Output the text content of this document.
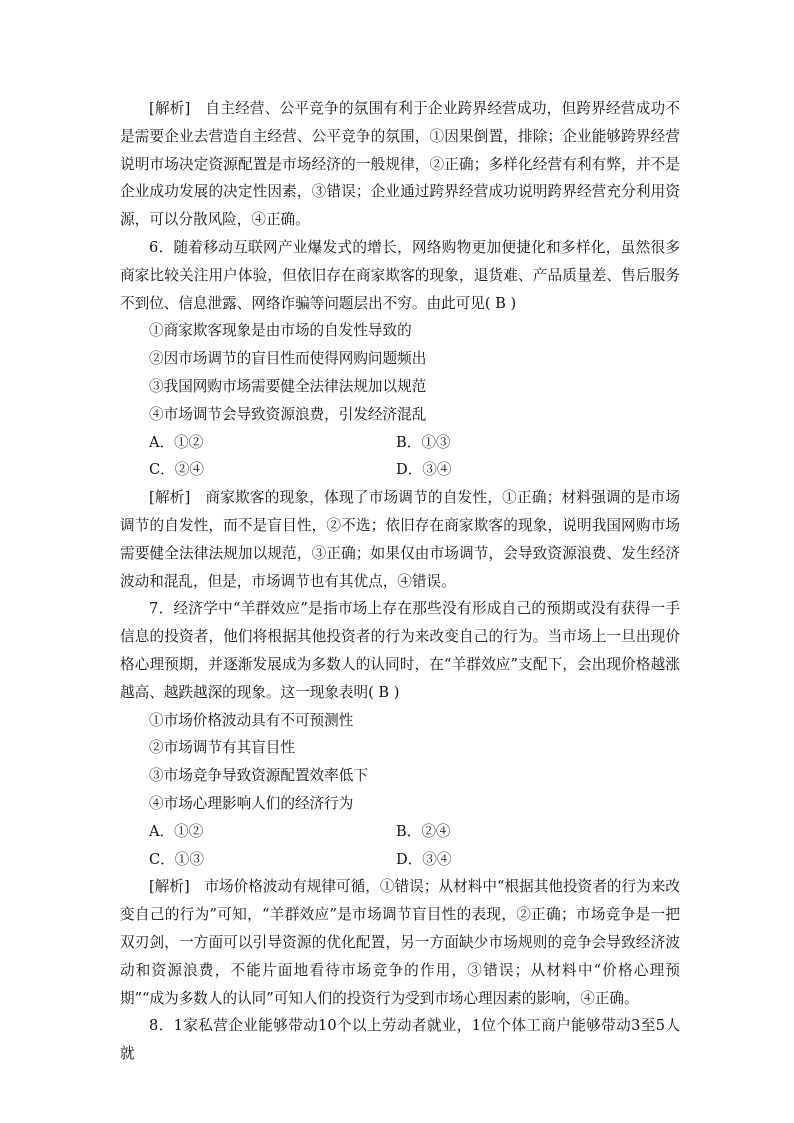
[解析]　自主经营、公平竞争的氛围有利于企业跨界经营成功，但跨界经营成功不是需要企业去营造自主经营、公平竞争的氛围，①因果倒置，排除；企业能够跨界经营说明市场决定资源配置是市场经济的一般规律，②正确；多样化经营有利有弊，并不是企业成功发展的决定性因素，③错误；企业通过跨界经营成功说明跨界经营充分利用资源，可以分散风险，④正确。

6．随着移动互联网产业爆发式的增长，网络购物更加便捷化和多样化，虽然很多商家比较关注用户体验，但依旧存在商家欺客的现象，退货难、产品质量差、售后服务不到位、信息泄露、网络诈骗等问题层出不穷。由此可见( B )

①商家欺客现象是由市场的自发性导致的

②因市场调节的盲目性而使得网购问题频出

③我国网购市场需要健全法律法规加以规范

④市场调节会导致资源浪费，引发经济混乱

A．①②	B．①③
C．②④	D．③④

[解析]　商家欺客的现象，体现了市场调节的自发性，①正确；材料强调的是市场调节的自发性，而不是盲目性，②不选；依旧存在商家欺客的现象，说明我国网购市场需要健全法律法规加以规范，③正确；如果仅由市场调节，会导致资源浪费、发生经济波动和混乱，但是，市场调节也有其优点，④错误。

7．经济学中“羊群效应”是指市场上存在那些没有形成自己的预期或没有获得一手信息的投资者，他们将根据其他投资者的行为来改变自己的行为。当市场上一旦出现价格心理预期，并逐渐发展成为多数人的认同时，在“羊群效应”支配下，会出现价格越涨越高、越跌越深的现象。这一现象表明( B )

①市场价格波动具有不可预测性

②市场调节有其盲目性

③市场竞争导致资源配置效率低下

④市场心理影响人们的经济行为

A．①②	B．②④
C．①③	D．③④

[解析]　市场价格波动有规律可循，①错误；从材料中“根据其他投资者的行为来改变自己的行为”可知，“羊群效应”是市场调节盲目性的表现，②正确；市场竞争是一把双刃剑，一方面可以引导资源的优化配置，另一方面缺少市场规则的竞争会导致经济波动和资源浪费，不能片面地看待市场竞争的作用，③错误；从材料中“价格心理预期”“成为多数人的认同”可知人们的投资行为受到市场心理因素的影响，④正确。

8．1家私营企业能够带动10个以上劳动者就业，1位个体工商户能够带动3至5人就
